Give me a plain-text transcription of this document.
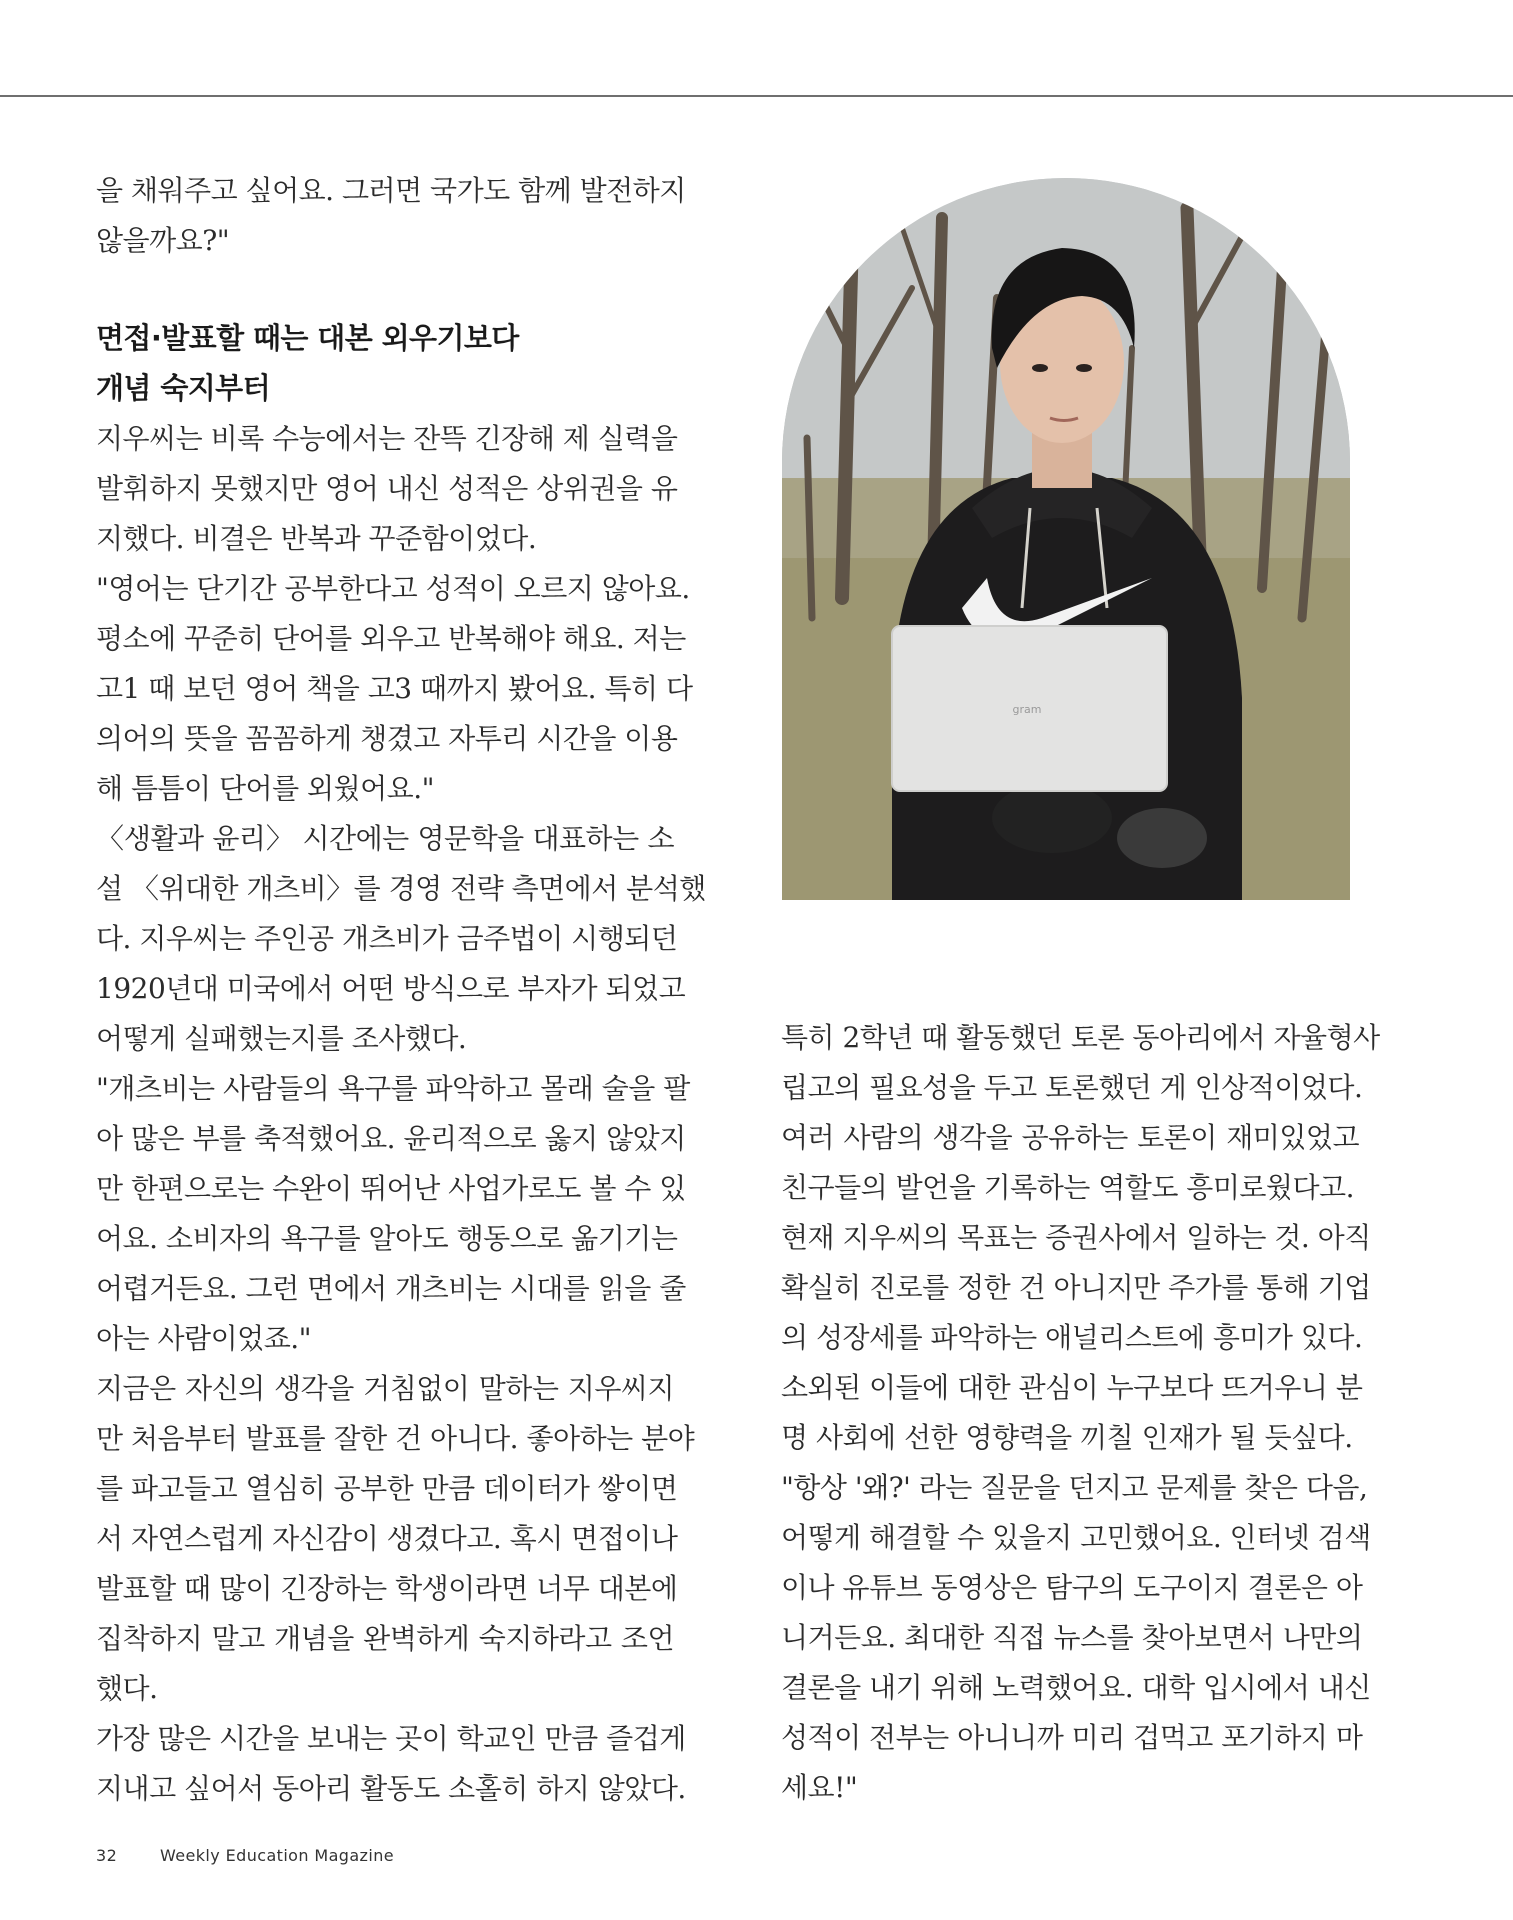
을 채워주고 싶어요. 그러면 국가도 함께 발전하지
않을까요?"
면접·발표할 때는 대본 외우기보다
개념 숙지부터
지우씨는 비록 수능에서는 잔뜩 긴장해 제 실력을
발휘하지 못했지만 영어 내신 성적은 상위권을 유
지했다. 비결은 반복과 꾸준함이었다.
"영어는 단기간 공부한다고 성적이 오르지 않아요.
평소에 꾸준히 단어를 외우고 반복해야 해요. 저는
고1 때 보던 영어 책을 고3 때까지 봤어요. 특히 다
의어의 뜻을 꼼꼼하게 챙겼고 자투리 시간을 이용
해 틈틈이 단어를 외웠어요."
〈생활과 윤리〉 시간에는 영문학을 대표하는 소
설 〈위대한 개츠비〉를 경영 전략 측면에서 분석했
다. 지우씨는 주인공 개츠비가 금주법이 시행되던
1920년대 미국에서 어떤 방식으로 부자가 되었고
어떻게 실패했는지를 조사했다.
"개츠비는 사람들의 욕구를 파악하고 몰래 술을 팔
아 많은 부를 축적했어요. 윤리적으로 옳지 않았지
만 한편으로는 수완이 뛰어난 사업가로도 볼 수 있
어요. 소비자의 욕구를 알아도 행동으로 옮기기는
어렵거든요. 그런 면에서 개츠비는 시대를 읽을 줄
아는 사람이었죠."
지금은 자신의 생각을 거침없이 말하는 지우씨지
만 처음부터 발표를 잘한 건 아니다. 좋아하는 분야
를 파고들고 열심히 공부한 만큼 데이터가 쌓이면
서 자연스럽게 자신감이 생겼다고. 혹시 면접이나
발표할 때 많이 긴장하는 학생이라면 너무 대본에
집착하지 말고 개념을 완벽하게 숙지하라고 조언
했다.
가장 많은 시간을 보내는 곳이 학교인 만큼 즐겁게
지내고 싶어서 동아리 활동도 소홀히 하지 않았다.
특히 2학년 때 활동했던 토론 동아리에서 자율형사
립고의 필요성을 두고 토론했던 게 인상적이었다.
여러 사람의 생각을 공유하는 토론이 재미있었고
친구들의 발언을 기록하는 역할도 흥미로웠다고.
현재 지우씨의 목표는 증권사에서 일하는 것. 아직
확실히 진로를 정한 건 아니지만 주가를 통해 기업
의 성장세를 파악하는 애널리스트에 흥미가 있다.
소외된 이들에 대한 관심이 누구보다 뜨거우니 분
명 사회에 선한 영향력을 끼칠 인재가 될 듯싶다.
"항상 '왜?' 라는 질문을 던지고 문제를 찾은 다음,
어떻게 해결할 수 있을지 고민했어요. 인터넷 검색
이나 유튜브 동영상은 탐구의 도구이지 결론은 아
니거든요. 최대한 직접 뉴스를 찾아보면서 나만의
결론을 내기 위해 노력했어요. 대학 입시에서 내신
성적이 전부는 아니니까 미리 겁먹고 포기하지 마
세요!"
gram
32	Weekly Education Magazine
